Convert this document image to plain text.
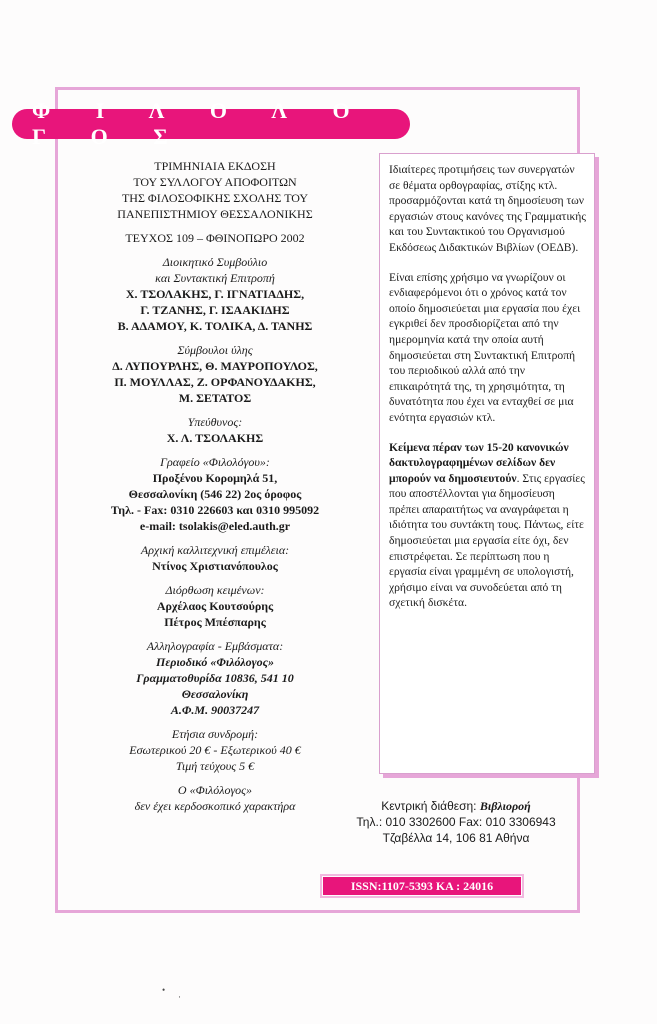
Φ Ι Λ Ο Λ Ο Γ Ο Σ

ΤΡΙΜΗΝΙΑΙΑ ΕΚΔΟΣΗ

ΤΟΥ ΣΥΛΛΟΓΟΥ ΑΠΟΦΟΙΤΩΝ

ΤΗΣ ΦΙΛΟΣΟΦΙΚΗΣ ΣΧΟΛΗΣ ΤΟΥ

ΠΑΝΕΠΙΣΤΗΜΙΟΥ ΘΕΣΣΑΛΟΝΙΚΗΣ

ΤΕΥΧΟΣ 109 – ΦΘΙΝΟΠΩΡΟ 2002

Διοικητικό Συμβούλιο

και Συντακτική Επιτροπή

Χ. ΤΣΟΛΑΚΗΣ, Γ. ΙΓΝΑΤΙΑΔΗΣ,

Γ. ΤΖΑΝΗΣ, Γ. ΙΣΑΑΚΙΔΗΣ

Β. ΑΔΑΜΟΥ, Κ. ΤΟΛΙΚΑ, Δ. ΤΑΝΗΣ

Σύμβουλοι ύλης

Δ. ΛΥΠΟΥΡΛΗΣ, Θ. ΜΑΥΡΟΠΟΥΛΟΣ,

Π. ΜΟΥΛΛΑΣ, Ζ. ΟΡΦΑΝΟΥΔΑΚΗΣ,

Μ. ΣΕΤΑΤΟΣ

Υπεύθυνος:

Χ. Λ. ΤΣΟΛΑΚΗΣ

Γραφείο «Φιλολόγου»:

Προξένου Κορομηλά 51,

Θεσσαλονίκη (546 22) 2ος όροφος

Τηλ. - Fax: 0310 226603 και 0310 995092

e-mail: tsolakis@eled.auth.gr

Αρχική καλλιτεχνική επιμέλεια:

Ντίνος Χριστιανόπουλος

Διόρθωση κειμένων:

Αρχέλαος Κουτσούρης

Πέτρος Μπέσπαρης

Αλληλογραφία - Εμβάσματα:

Περιοδικό «Φιλόλογος»

Γραμματοθυρίδα 10836, 541 10

Θεσσαλονίκη

Α.Φ.Μ. 90037247

Ετήσια συνδρομή:

Εσωτερικού 20 € - Εξωτερικού 40 €

Τιμή τεύχους 5 €

Ο «Φιλόλογος»

δεν έχει κερδοσκοπικό χαρακτήρα

Ιδιαίτερες προτιμήσεις των συνεργατών σε θέματα ορθογραφίας, στίξης κτλ. προσαρμόζονται κατά τη δημοσίευση των εργασιών στους κανόνες της Γραμματικής και του Συντακτικού του Οργανισμού Εκδόσεως Διδακτικών Βιβλίων (ΟΕΔΒ).

Είναι επίσης χρήσιμο να γνωρίζουν οι ενδιαφερόμενοι ότι ο χρόνος κατά τον οποίο δημοσιεύεται μια εργασία που έχει εγκριθεί δεν προσδιορίζεται από την ημερομηνία κατά την οποία αυτή δημοσιεύεται στη Συντακτική Επιτροπή του περιοδικού αλλά από την επικαιρότητά της, τη χρησιμότητα, τη δυνατότητα που έχει να ενταχθεί σε μια ενότητα εργασιών κτλ.

Κείμενα πέραν των 15-20 κανονικών δακτυλογραφημένων σελίδων δεν μπορούν να δημοσιευτούν. Στις εργασίες που αποστέλλονται για δημοσίευση πρέπει απαραιτήτως να αναγράφεται η ιδιότητα του συντάκτη τους. Πάντως, είτε δημοσιεύεται μια εργασία είτε όχι, δεν επιστρέφεται. Σε περίπτωση που η εργασία είναι γραμμένη σε υπολογιστή, χρήσιμο είναι να συνοδεύεται από τη σχετική δισκέτα.

Κεντρική διάθεση: Βιβλιορoή

Τηλ.: 010 3302600 Fax: 010 3306943

Τζαβέλλα 14, 106 81 Αθήνα

ISSN:1107-5393 ΚΑ : 24016
•
·
